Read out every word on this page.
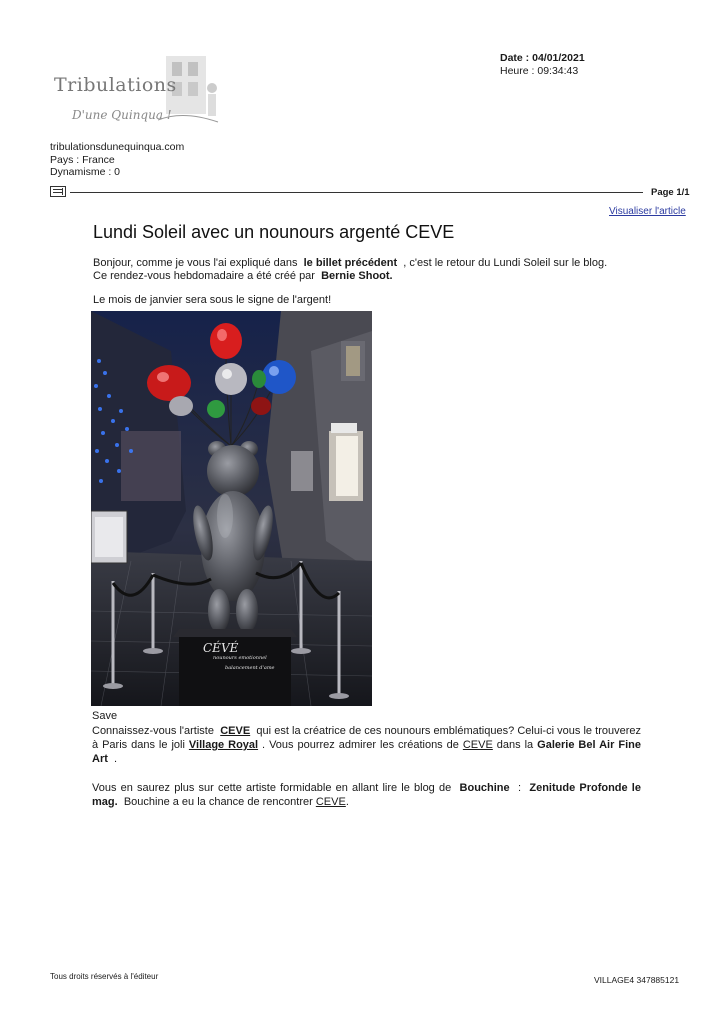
Tribulations
D'une Quinqua !
Date : 04/01/2021
Heure : 09:34:43
tribulationsdunequinqua.com
Pays : France
Dynamisme : 0
Page 1/1
Visualiser l'article
Lundi Soleil avec un nounours argenté CEVE
Bonjour, comme je vous l'ai expliqué dans le billet précédent , c'est le retour du Lundi Soleil sur le blog.
Ce rendez-vous hebdomadaire a été créé par Bernie Shoot.
Le mois de janvier sera sous le signe de l'argent!
CÉVÉ
nounours emotionnel
balancement d'ame
Save
Connaissez-vous l'artiste CEVE qui est la créatrice de ces nounours emblématiques? Celui-ci vous le trouverez à Paris dans le joli Village Royal . Vous pourrez admirer les créations de CEVE dans la Galerie Bel Air Fine Art .
Vous en saurez plus sur cette artiste formidable en allant lire le blog de Bouchine : Zenitude Profonde le mag. Bouchine a eu la chance de rencontrer CEVE.
Tous droits réservés à l'éditeur	VILLAGE4 347885121
